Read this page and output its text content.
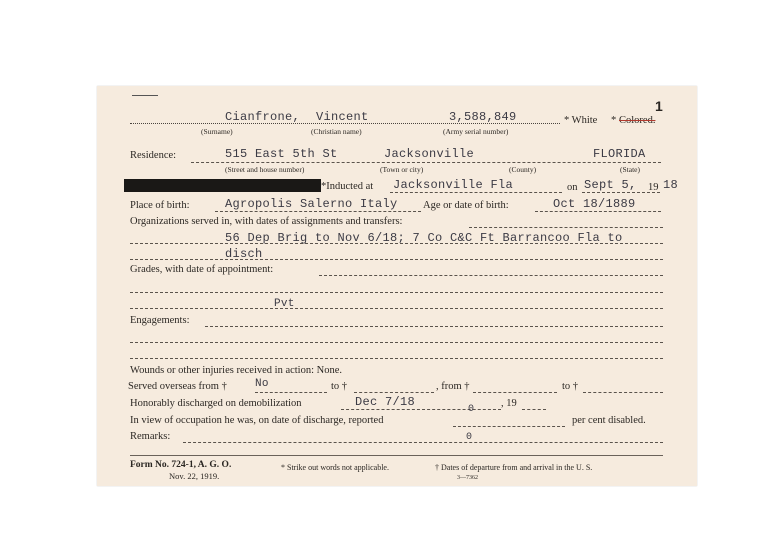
1
Cianfrone, Vincent	3,588,849	* White * Colored.
(Surname)	(Christian name)	(Army serial number)
Residence:	515 East 5th St	Jacksonville	FLORIDA
(Street and house number)	(Town or city)	(County)	(State)
*Inducted at Jacksonville Fla	on Sept 5, 19 18
Place of birth:	Agropolis Salerno Italy Age or date of birth:	Oct 18/1889
Organizations served in, with dates of assignments and transfers:
56 Dep Brig to Nov 6/18; 7 Co C&C Ft Barrancoo Fla to
disch
Grades, with date of appointment:
Pvt
Engagements:
Wounds or other injuries received in action: None.
Served overseas from †	No	to †	, from †	to †
Honorably discharged on demobilization	Dec 7/18	, 19
In view of occupation he was, on date of discharge, reported
0
per cent disabled.
Remarks:	0
Form No. 724-1, A. G. O.
Nov. 22, 1919.
* Strike out words not applicable.	† Dates of departure from and arrival in the U. S.
3—7362
